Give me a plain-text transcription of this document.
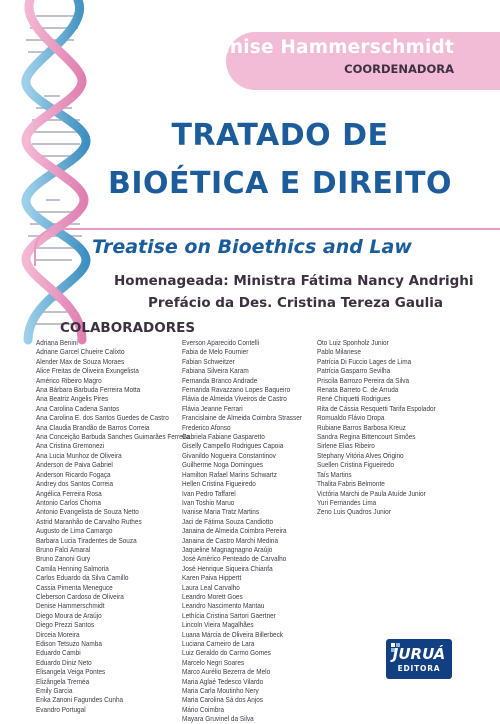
Denise Hammerschmidt
COORDENADORA
TRATADO DE
BIOÉTICA E DIREITO
Treatise on Bioethics and Law
Homenageada: Ministra Fátima Nancy Andrighi
Prefácio da Des. Cristina Tereza Gaulia
COLABORADORES
Adriana Benini
Adriane Garcel Chueire Calixto
Alender Max de Souza Moraes
Alice Freitas de Oliveira Exungelista
Américo Ribeiro Magro
Ana Bárbara Barbuda Ferreira Motta
Ana Beatriz Angelis Pires
Ana Carolina Cadena Santos
Ana Carolina E. dos Santos Guedes de Castro
Ana Claudia Brandão de Barros Correia
Ana Conceição Barbuda Sanches Guimarães Ferreira
Ana Cristina Gremonezi
Ana Lucia Munhoz de Oliveira
Anderson de Paiva Gabriel
Anderson Ricardo Fogaça
Andrey dos Santos Correia
Angélica Ferreira Rosa
Antonio Carlos Chorna
Antonio Evangelista de Souza Netto
Astrid Maranhão de Carvalho Ruthes
Augusto de Lima Camargo
Barbara Lucia Tiradentes de Souza
Bruno Falci Amaral
Bruno Zanoni Gury
Camila Henning Salmoria
Carlos Eduardo da Silva Camillo
Cassia Pimenta Meneguce
Cleberson Cardoso de Oliveira
Denise Hammerschmidt
Diego Moura de Araújo
Diego Prezzi Santos
Dirceia Moreira
Edison Tetsuzo Namba
Eduardo Cambi
Eduardo Diniz Neto
Elisangela Veiga Pontes
Elizângela Treméa
Emily Garcia
Erika Zanoni Fagundes Cunha
Evandro Portugal
Everson Aparecido Contelli
Fabia de Melo Fournier
Fabian Schweitzer
Fabiana Silveira Karam
Fernanda Branco Andrade
Fernanda Ravazzano Lopes Baqueiro
Flávia de Almeida Viveiros de Castro
Flávia Jeanne Ferrari
Francislaine de Almeida Coimbra Strasser
Frederico Afonso
Gabriela Fabiane Gasparetto
Giselly Campello Rodrigues Capoia
Givanildo Nogueira Constantinov
Guilherme Noga Domingues
Hamilton Rafael Marins Schwartz
Hellen Cristina Figueiredo
Ivan Pedro Taffarel
Ivan Toshio Maruo
Ivanise Maria Tratz Martins
Jaci de Fátima Souza Candiotto
Janaina de Almeida Coimbra Pereira
Janaina de Castro Marchi Medina
Jaqueline Magnagnagno Araújo
José Américo Penteado de Carvalho
José Henrique Siqueira Chianfa
Karen Paiva Hippertt
Laura Leal Carvalho
Leandro Morett Goes
Leandro Nascimento Mantau
Lethícia Cristina Sartori Gaertner
Lincoln Vieira Magalhães
Luana Márcia de Oliveira Billerbeck
Luciana Carneiro de Lara
Luiz Geraldo do Carmo Gomes
Marcelo Negri Soares
Marco Aurélio Bezerra de Melo
Maria Aglaé Tedesco Vilardo
Maria Carla Moutinho Nery
Maria Carolina Sá dos Anjos
Mário Coimbra
Mayara Gruvinel da Silva
Oto Luiz Sponholz Junior
Pablo Milanese
Patrícia Di Fuccio Lages de Lima
Patrícia Gasparro Sevilha
Priscila Barrozo Pereira da Silva
Renata Barreto C. de Arruda
René Chiquetti Rodrigues
Rita de Cássia Resquetti Tarifa Espolador
Romualdo Flávio Dropa
Rubiane Barros Barbosa Kreuz
Sandra Regina Bittencourt Simões
Sirlene Elias Ribeiro
Stephany Vitória Alves Origino
Suellen Cristina Figueiredo
Taís Martins
Thalita Fabris Belmonte
Victória Marchi de Paula Atuíde Junior
Yuri Fernandes Lima
Zeno Luis Quadros Junior
JURUÁ
EDITORA
